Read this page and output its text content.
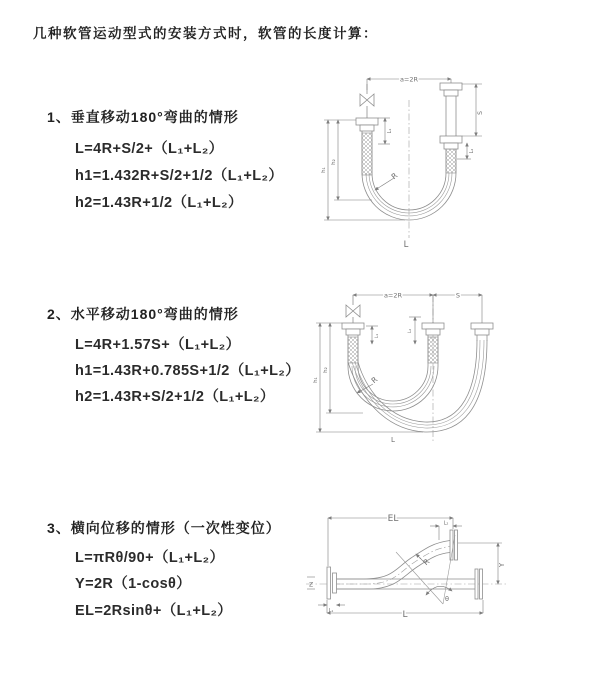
几种软管运动型式的安装方式时，软管的长度计算：
1、垂直移动180°弯曲的情形
L=4R+S/2+（L₁+L₂）
h1=1.432R+S/2+1/2（L₁+L₂）
h2=1.43R+1/2（L₁+L₂）
2、水平移动180°弯曲的情形
L=4R+1.57S+（L₁+L₂）
h1=1.43R+0.785S+1/2（L₁+L₂）
h2=1.43R+S/2+1/2（L₁+L₂）
3、横向位移的情形（一次性变位）
L=πRθ/90+（L₁+L₂）
Y=2R（1-cosθ）
EL=2Rsinθ+（L₁+L₂）
a=2R
S
L₂
L₁
h₁
h₂
R
L
a=2R	S
L₁
L₂
h₁
h₂
R
L
Z
EL	L₂
Y
θ
R
L₁	L
